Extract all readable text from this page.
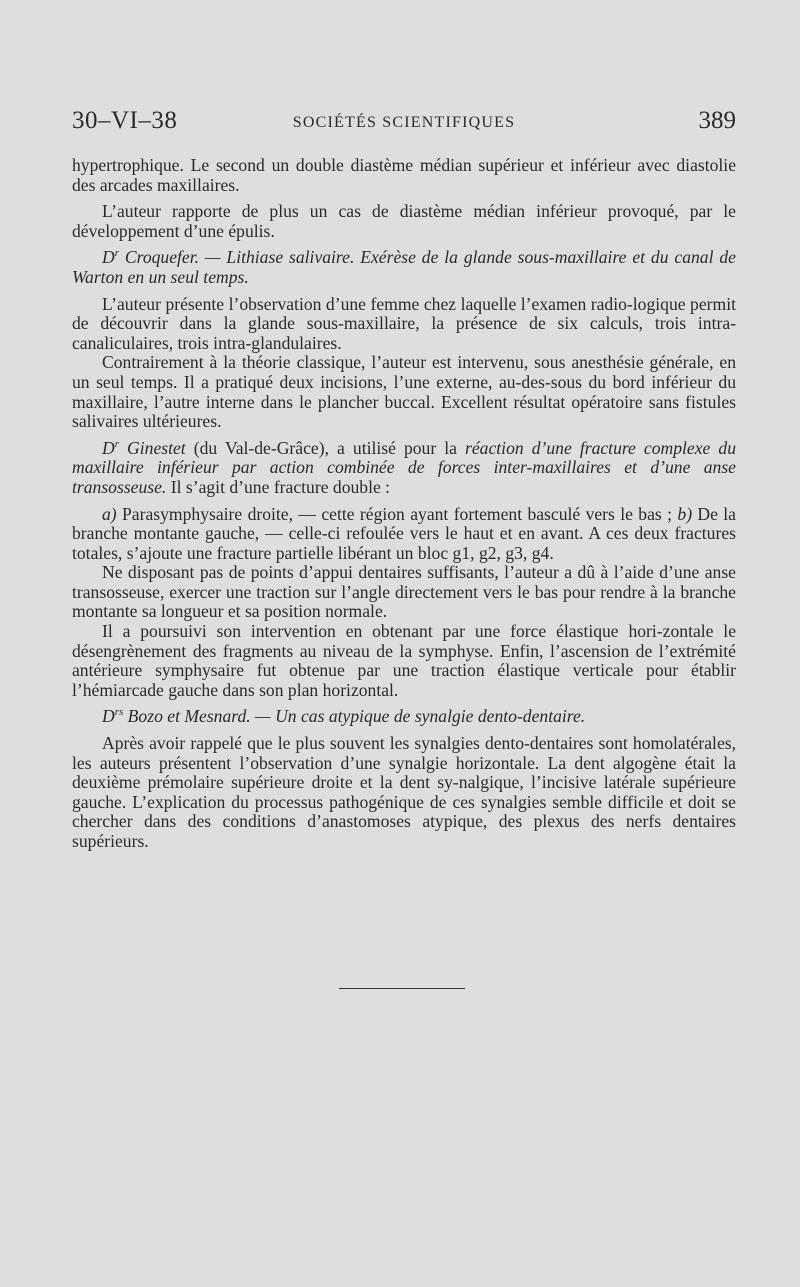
30–VI–38	SOCIÉTÉS SCIENTIFIQUES	389

hypertrophique. Le second un double diastème médian supérieur et inférieur avec diastolie des arcades maxillaires.

L’auteur rapporte de plus un cas de diastème médian inférieur provoqué, par le développement d’une épulis.

$D^r$ Croquefer. — Lithiase salivaire. Exérèse de la glande sous-maxillaire et du canal de Warton en un seul temps.

L’auteur présente l’observation d’une femme chez laquelle l’examen radio-logique permit de découvrir dans la glande sous-maxillaire, la présence de six calculs, trois intra-canaliculaires, trois intra-glandulaires.

Contrairement à la théorie classique, l’auteur est intervenu, sous anesthésie générale, en un seul temps. Il a pratiqué deux incisions, l’une externe, au-des-sous du bord inférieur du maxillaire, l’autre interne dans le plancher buccal. Excellent résultat opératoire sans fistules salivaires ultérieures.

$D^r$ Ginestet (du Val-de-Grâce), a utilisé pour la réaction d’une fracture complexe du maxillaire inférieur par action combinée de forces inter-maxillaires et d’une anse transosseuse. Il s’agit d’une fracture double :

a) Parasymphysaire droite, — cette région ayant fortement basculé vers le bas ; b) De la branche montante gauche, — celle-ci refoulée vers le haut et en avant. A ces deux fractures totales, s’ajoute une fracture partielle libérant un bloc g1, g2, g3, g4.

Ne disposant pas de points d’appui dentaires suffisants, l’auteur a dû à l’aide d’une anse transosseuse, exercer une traction sur l’angle directement vers le bas pour rendre à la branche montante sa longueur et sa position normale.

Il a poursuivi son intervention en obtenant par une force élastique hori-zontale le désengrènement des fragments au niveau de la symphyse. Enfin, l’ascension de l’extrémité antérieure symphysaire fut obtenue par une traction élastique verticale pour établir l’hémiarcade gauche dans son plan horizontal.

$D^{rs}$ Bozo et Mesnard. — Un cas atypique de synalgie dento-dentaire.

Après avoir rappelé que le plus souvent les synalgies dento-dentaires sont homolatérales, les auteurs présentent l’observation d’une synalgie horizontale. La dent algogène était la deuxième prémolaire supérieure droite et la dent sy-nalgique, l’incisive latérale supérieure gauche. L’explication du processus pathogénique de ces synalgies semble difficile et doit se chercher dans des conditions d’anastomoses atypique, des plexus des nerfs dentaires supérieurs.
